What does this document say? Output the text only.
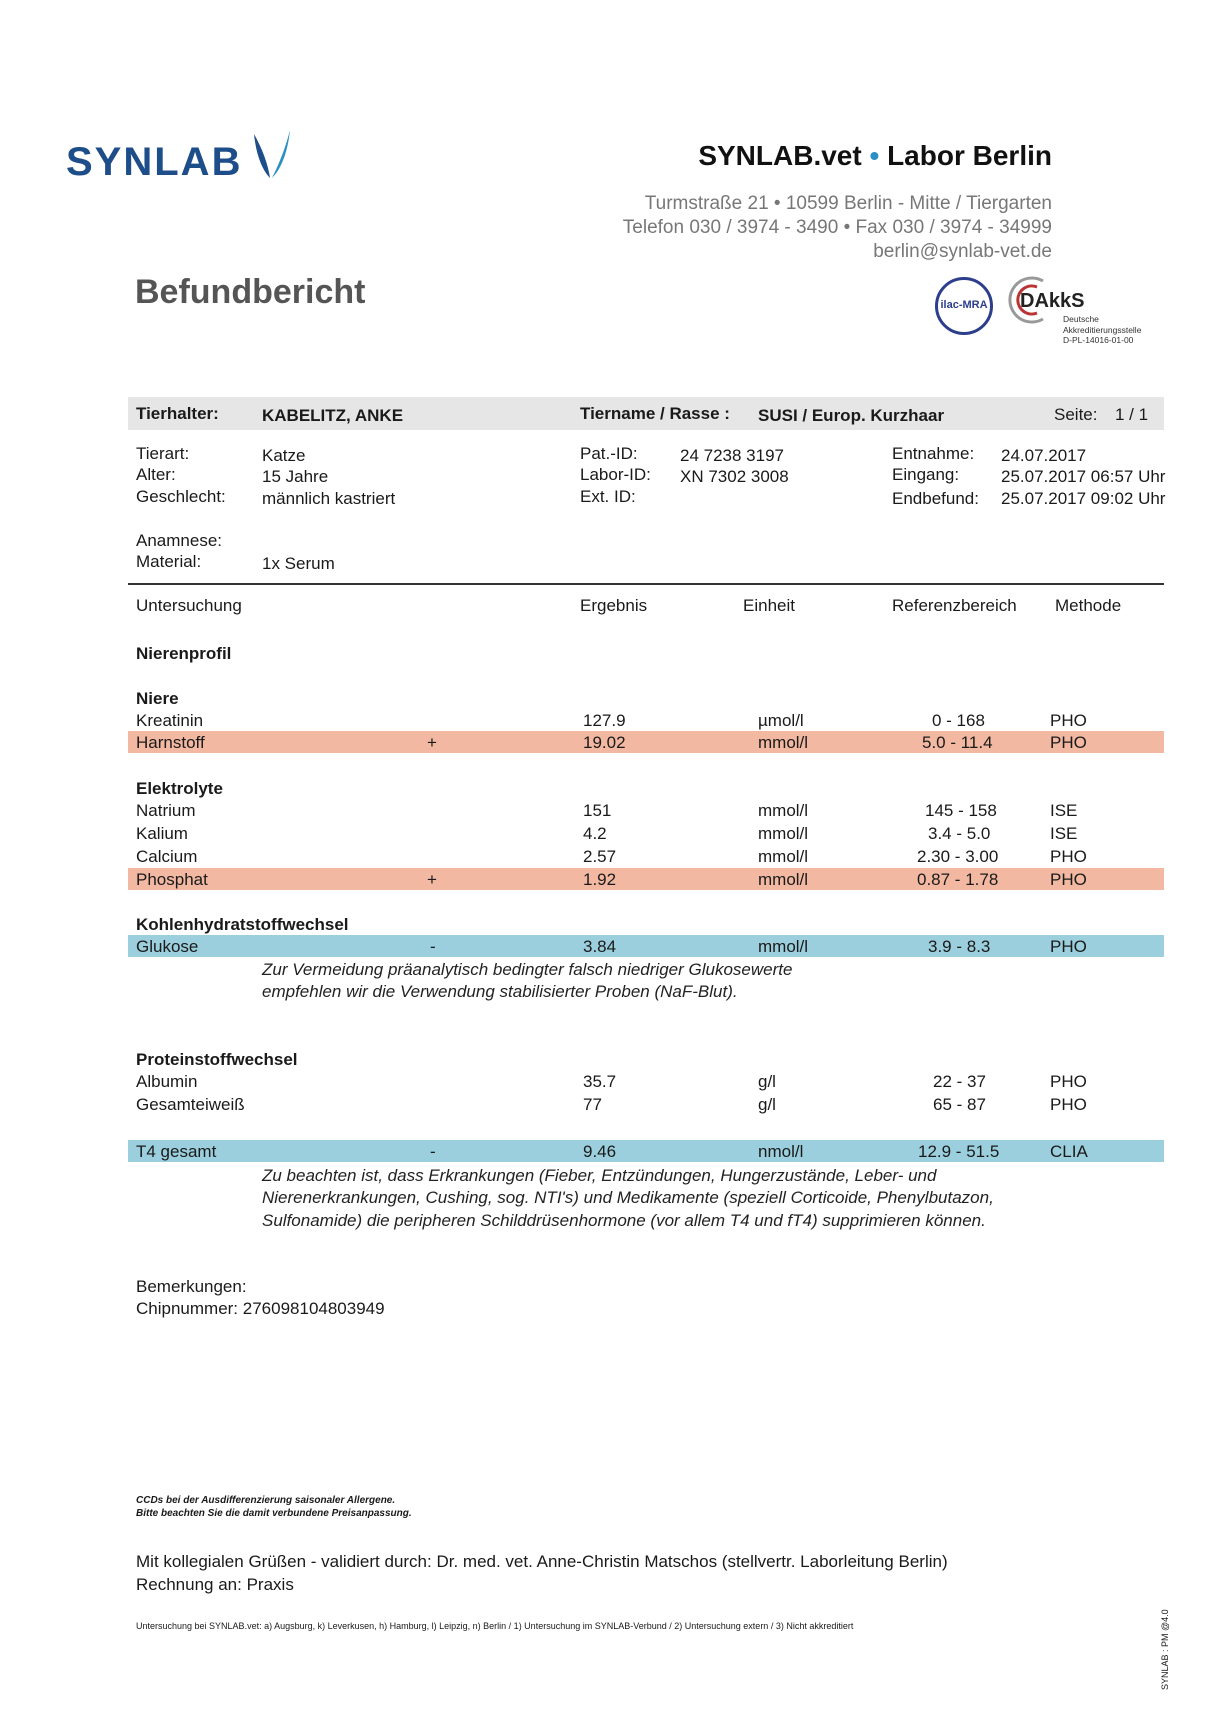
SYNLAB	SYNLAB.vet • Labor Berlin
Turmstraße 21 • 10599 Berlin - Mitte / Tiergarten
Telefon 030 / 3974 - 3490 • Fax 030 / 3974 - 34999
berlin@synlab-vet.de
Befundbericht	ilac-MRA DAkkS
Deutsche
Akkreditierungsstelle
D-PL-14016-01-00
Tierhalter:	KABELITZ, ANKE	Tiername / Rasse : SUSI / Europ. Kurzhaar	Seite: 1 / 1
Tierart:	Katze
Alter:	15 Jahre
Geschlecht: männlich kastriert
Pat.-ID: 24 7238 3197
Labor-ID: XN 7302 3008
Ext. ID:
Entnahme: 24.07.2017
Eingang: 25.07.2017 06:57 Uhr
Endbefund: 25.07.2017 09:02 Uhr
Anamnese:
Material:	1x Serum
Untersuchung	Ergebnis	Einheit	Referenzbereich Methode
Nierenprofil
Niere
Kreatinin	127.9	µmol/l	0 - 168	PHO
Harnstoff	+	19.02	mmol/l	5.0 - 11.4	PHO
Elektrolyte
Natrium	151	mmol/l	145 - 158	ISE
Kalium	4.2	mmol/l	3.4 - 5.0	ISE
Calcium	2.57	mmol/l	2.30 - 3.00	PHO
Phosphat	+	1.92	mmol/l	0.87 - 1.78	PHO
Kohlenhydratstoffwechsel
Glukose	-	3.84	mmol/l	3.9 - 8.3	PHO
Zur Vermeidung präanalytisch bedingter falsch niedriger Glukosewerte
empfehlen wir die Verwendung stabilisierter Proben (NaF-Blut).
Proteinstoffwechsel
Albumin	35.7	g/l	22 - 37	PHO
Gesamteiweiß	77	g/l	65 - 87	PHO
T4 gesamt	-	9.46	nmol/l	12.9 - 51.5	CLIA
Zu beachten ist, dass Erkrankungen (Fieber, Entzündungen, Hungerzustände, Leber- und
Nierenerkrankungen, Cushing, sog. NTI's) und Medikamente (speziell Corticoide, Phenylbutazon,
Sulfonamide) die peripheren Schilddrüsenhormone (vor allem T4 und fT4) supprimieren können.
Bemerkungen:
Chipnummer: 276098104803949
CCDs bei der Ausdifferenzierung saisonaler Allergene.
Bitte beachten Sie die damit verbundene Preisanpassung.
Mit kollegialen Grüßen - validiert durch: Dr. med. vet. Anne-Christin Matschos (stellvertr. Laborleitung Berlin)
Rechnung an: Praxis
Untersuchung bei SYNLAB.vet: a) Augsburg, k) Leverkusen, h) Hamburg, l) Leipzig, n) Berlin / 1) Untersuchung im SYNLAB-Verbund / 2) Untersuchung extern / 3) Nicht akkreditiert	SYNLAB : PM @4.0
